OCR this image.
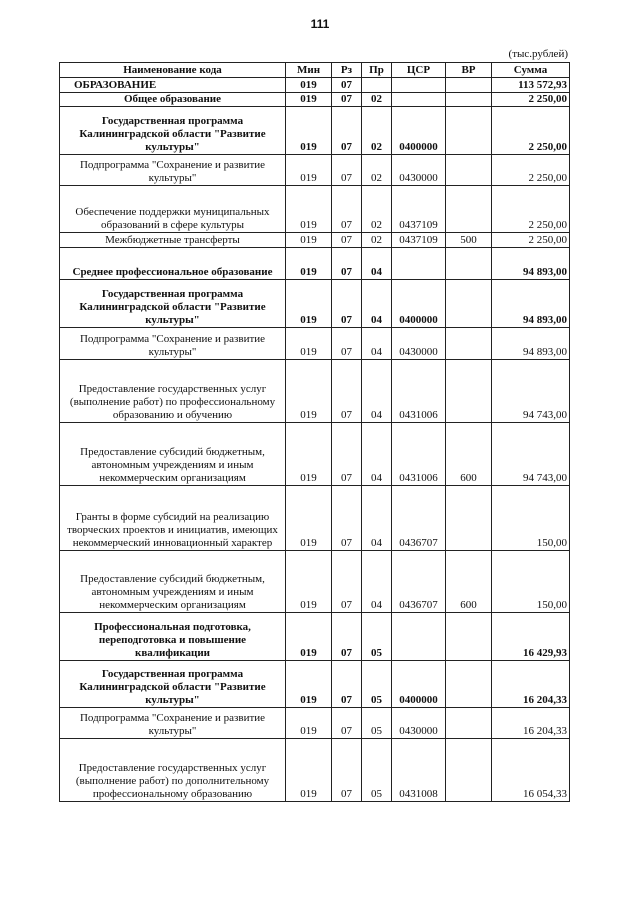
111
(тыс.рублей)
Наименование кода	Мин	Рз	Пр	ЦСР	ВР	Сумма
ОБРАЗОВАНИЕ	019	07				113 572,93
Общее образование	019	07	02			2 250,00
Государственная программа Калининградской области "Развитие культуры"	019	07	02	0400000		2 250,00
Подпрограмма "Сохранение и развитие культуры"	019	07	02	0430000		2 250,00
Обеспечение поддержки муниципальных образований в сфере культуры	019	07	02	0437109		2 250,00
Межбюджетные трансферты	019	07	02	0437109	500	2 250,00
Среднее профессиональное образование	019	07	04			94 893,00
Государственная программа Калининградской области "Развитие культуры"	019	07	04	0400000		94 893,00
Подпрограмма "Сохранение и развитие культуры"	019	07	04	0430000		94 893,00
Предоставление государственных услуг (выполнение работ) по профессиональному образованию и обучению	019	07	04	0431006		94 743,00
Предоставление субсидий бюджетным, автономным учреждениям и иным некоммерческим организациям	019	07	04	0431006	600	94 743,00
Гранты в форме субсидий на реализацию творческих проектов и инициатив, имеющих некоммерческий инновационный характер	019	07	04	0436707		150,00
Предоставление субсидий бюджетным, автономным учреждениям и иным некоммерческим организациям	019	07	04	0436707	600	150,00
Профессиональная подготовка, переподготовка и повышение квалификации	019	07	05			16 429,93
Государственная программа Калининградской области "Развитие культуры"	019	07	05	0400000		16 204,33
Подпрограмма "Сохранение и развитие культуры"	019	07	05	0430000		16 204,33
Предоставление государственных услуг (выполнение работ) по дополнительному профессиональному образованию	019	07	05	0431008		16 054,33
